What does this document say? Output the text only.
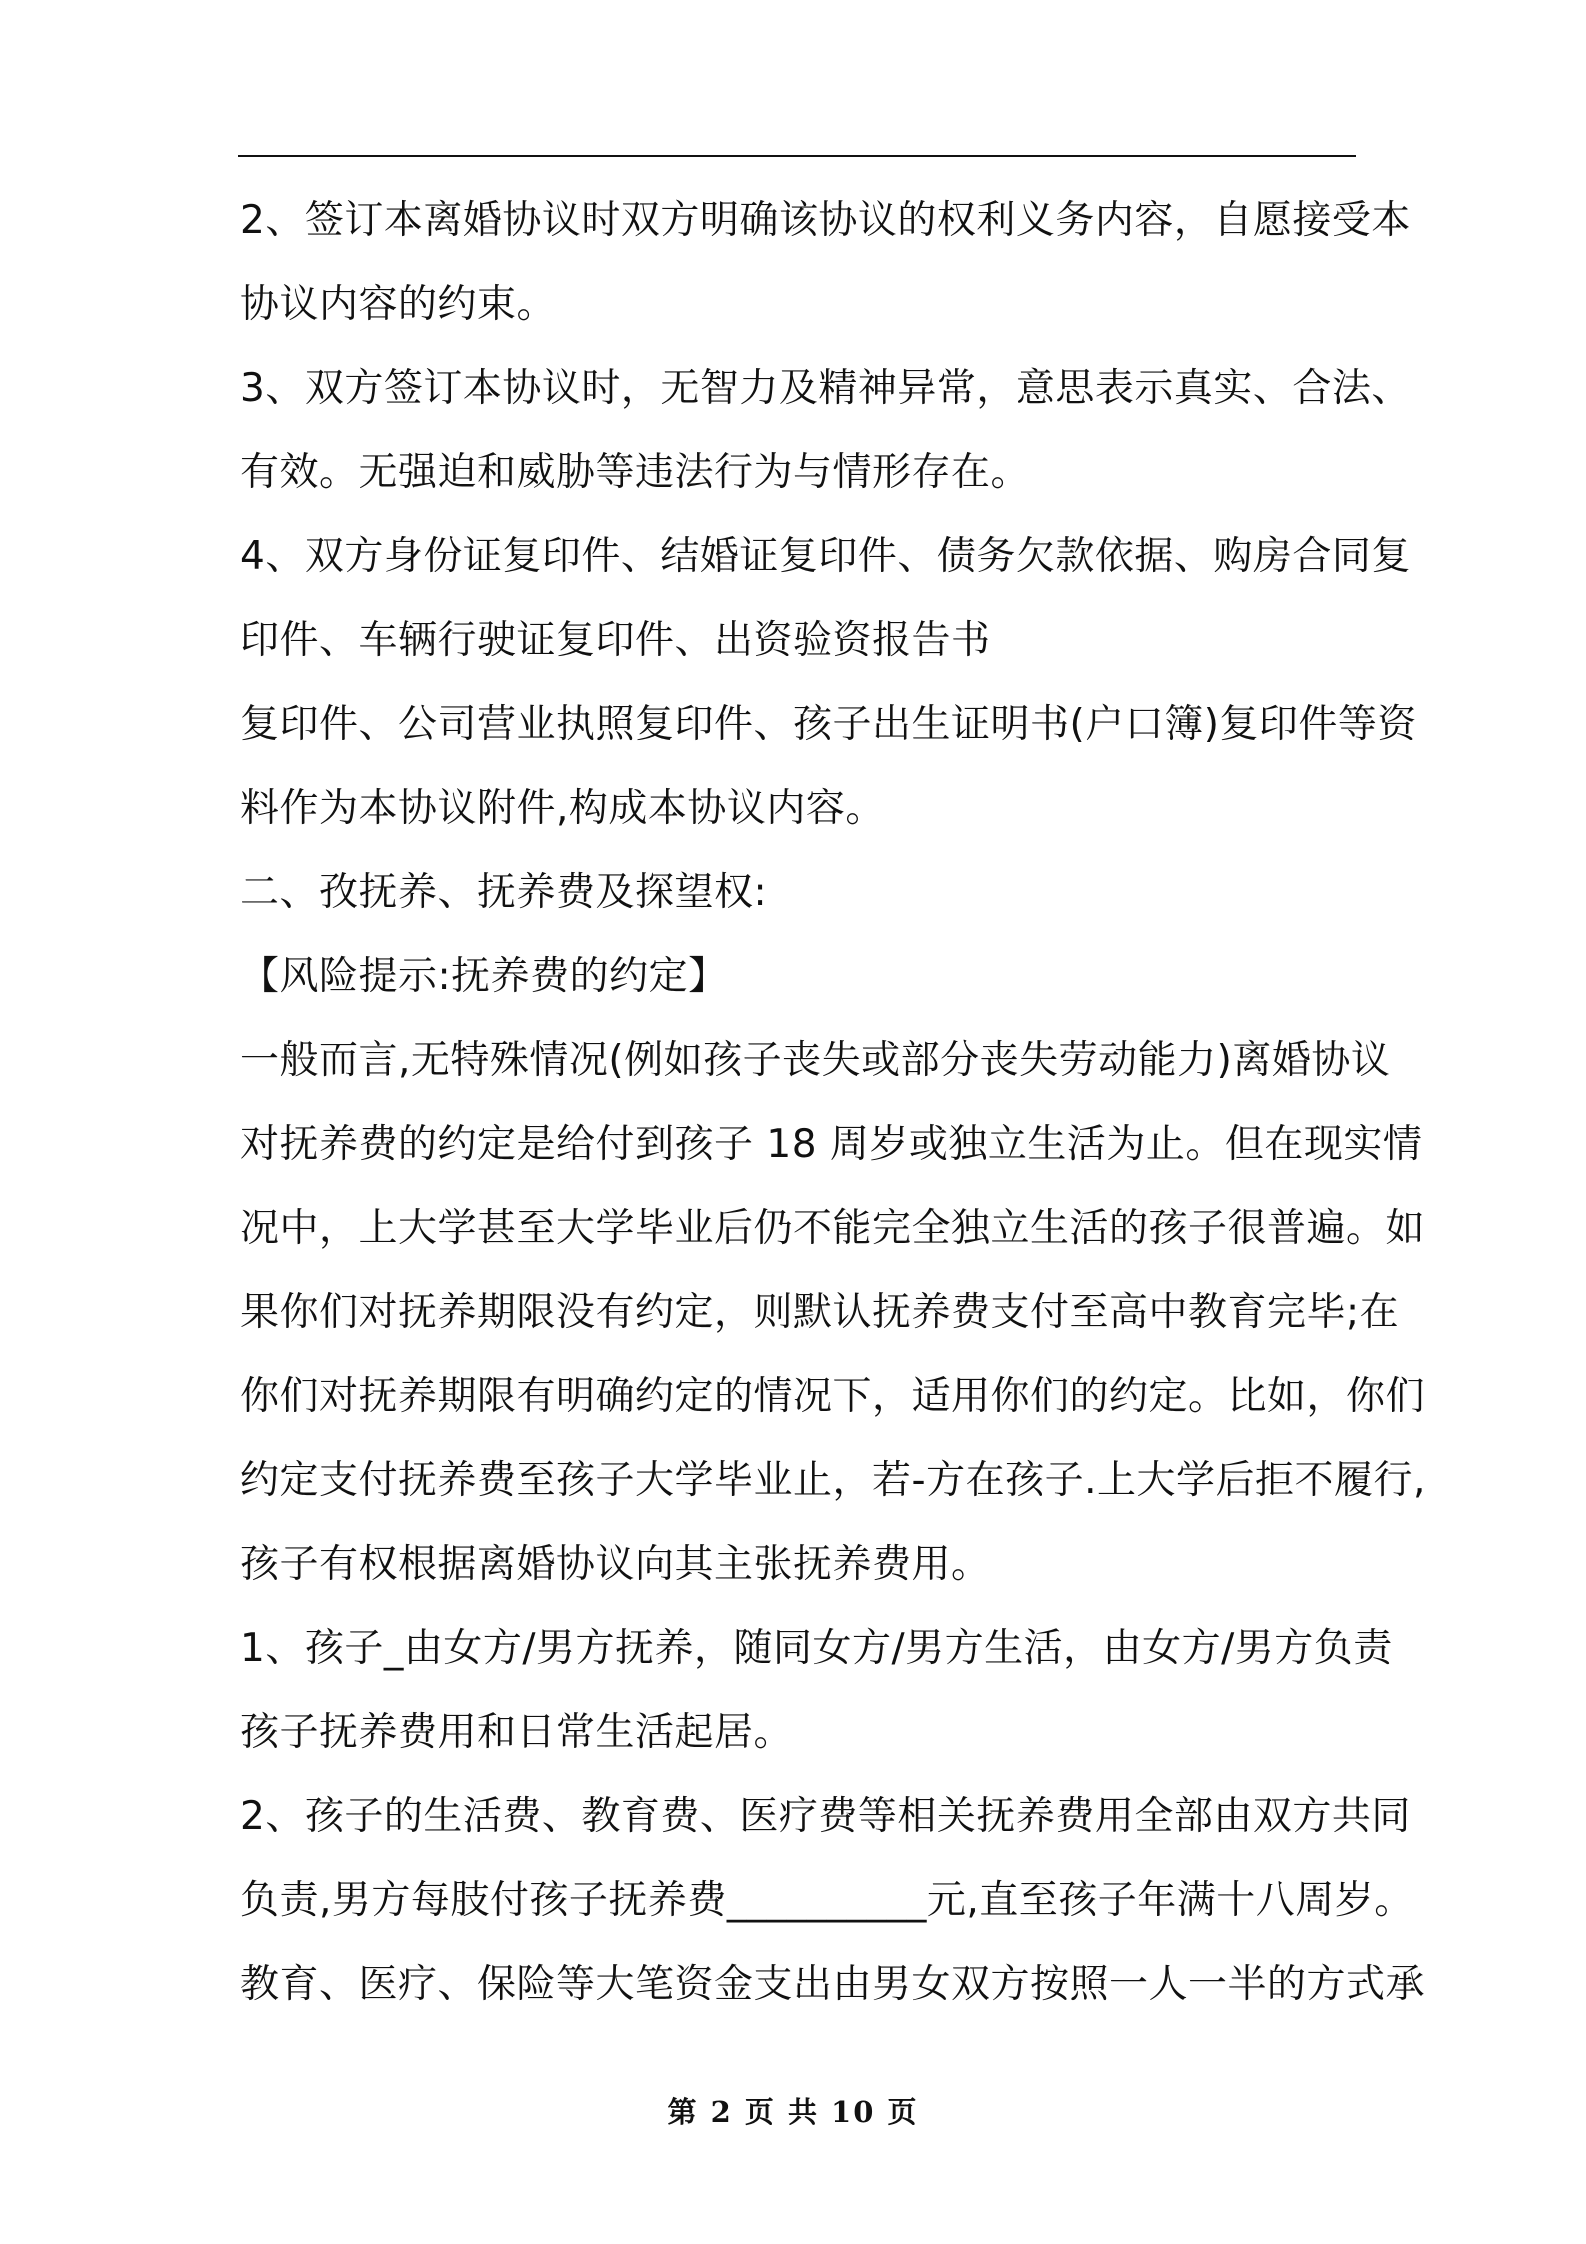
2、签订本离婚协议时双方明确该协议的权利义务内容，自愿接受本
协议内容的约束。
3、双方签订本协议时，无智力及精神异常，意思表示真实、合法、
有效。无强迫和威胁等违法行为与情形存在。
4、双方身份证复印件、结婚证复印件、债务欠款依据、购房合同复
印件、车辆行驶证复印件、出资验资报告书
复印件、公司营业执照复印件、孩子出生证明书(户口簿)复印件等资
料作为本协议附件,构成本协议内容。
二、孜抚养、抚养费及探望权:
【风险提示:抚养费的约定】
一般而言,无特殊情况(例如孩子丧失或部分丧失劳动能力)离婚协议
对抚养费的约定是给付到孩子 18 周岁或独立生活为止。但在现实情
况中，上大学甚至大学毕业后仍不能完全独立生活的孩子很普遍。如
果你们对抚养期限没有约定，则默认抚养费支付至高中教育完毕;在
你们对抚养期限有明确约定的情况下，适用你们的约定。比如，你们
约定支付抚养费至孩子大学毕业止，若-方在孩子.上大学后拒不履行,
孩子有权根据离婚协议向其主张抚养费用。
1、孩子_由女方/男方抚养，随同女方/男方生活，由女方/男方负责
孩子抚养费用和日常生活起居。
2、孩子的生活费、教育费、医疗费等相关抚养费用全部由双方共同
负责,男方每肢付孩子抚养费__________元,直至孩子年满十八周岁。
教育、医疗、保险等大笔资金支出由男女双方按照一人一半的方式承
第 2 页 共 10 页
